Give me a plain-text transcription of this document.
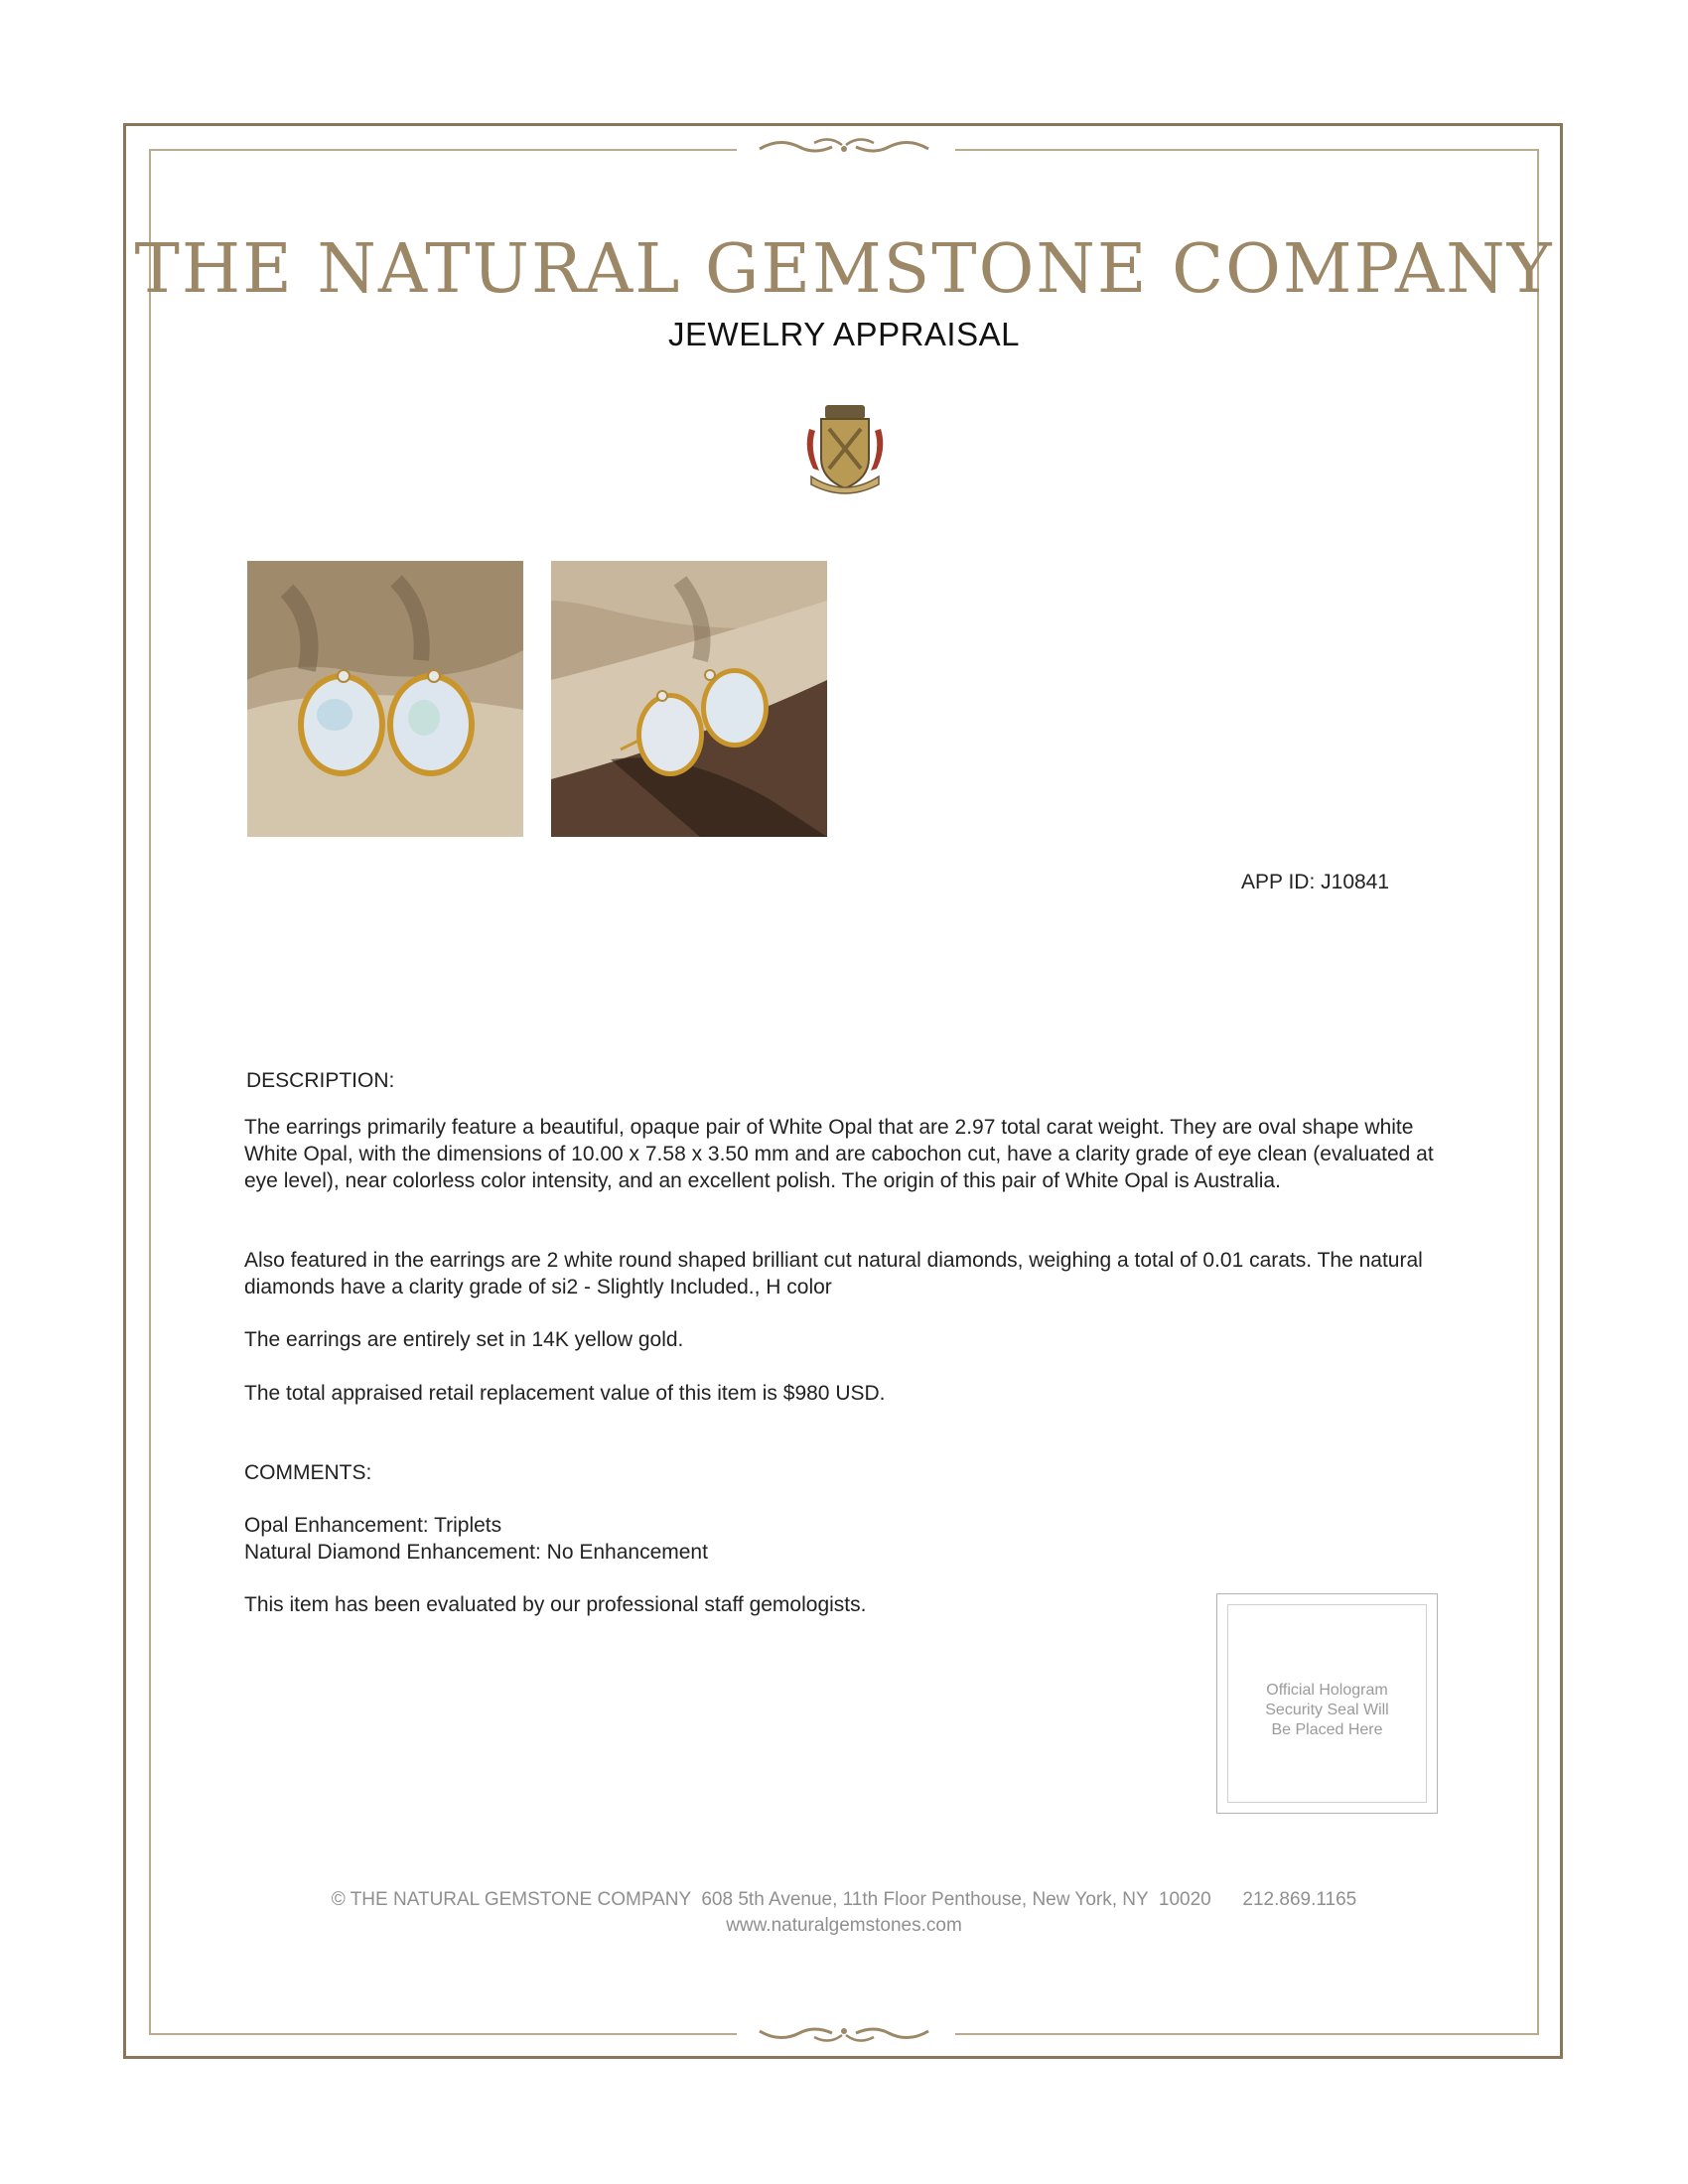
THE NATURAL GEMSTONE COMPANY
JEWELRY APPRAISAL
APP ID: J10841
DESCRIPTION:
The earrings primarily feature a beautiful, opaque pair of White Opal that are 2.97 total carat weight. They are oval shape white White Opal, with the dimensions of 10.00 x 7.58 x 3.50 mm and are cabochon cut, have a clarity grade of eye clean (evaluated at eye level), near colorless color intensity, and an excellent polish. The origin of this pair of White Opal is Australia.
Also featured in the earrings are 2 white round shaped brilliant cut natural diamonds, weighing a total of 0.01 carats. The natural diamonds have a clarity grade of si2 - Slightly Included., H color
The earrings are entirely set in 14K yellow gold.
The total appraised retail replacement value of this item is $980 USD.
COMMENTS:
Opal Enhancement: Triplets
Natural Diamond Enhancement: No Enhancement
This item has been evaluated by our professional staff gemologists.
Official Hologram
Security Seal Will
Be Placed Here
© THE NATURAL GEMSTONE COMPANY  608 5th Avenue, 11th Floor Penthouse, New York, NY  10020      212.869.1165
www.naturalgemstones.com
